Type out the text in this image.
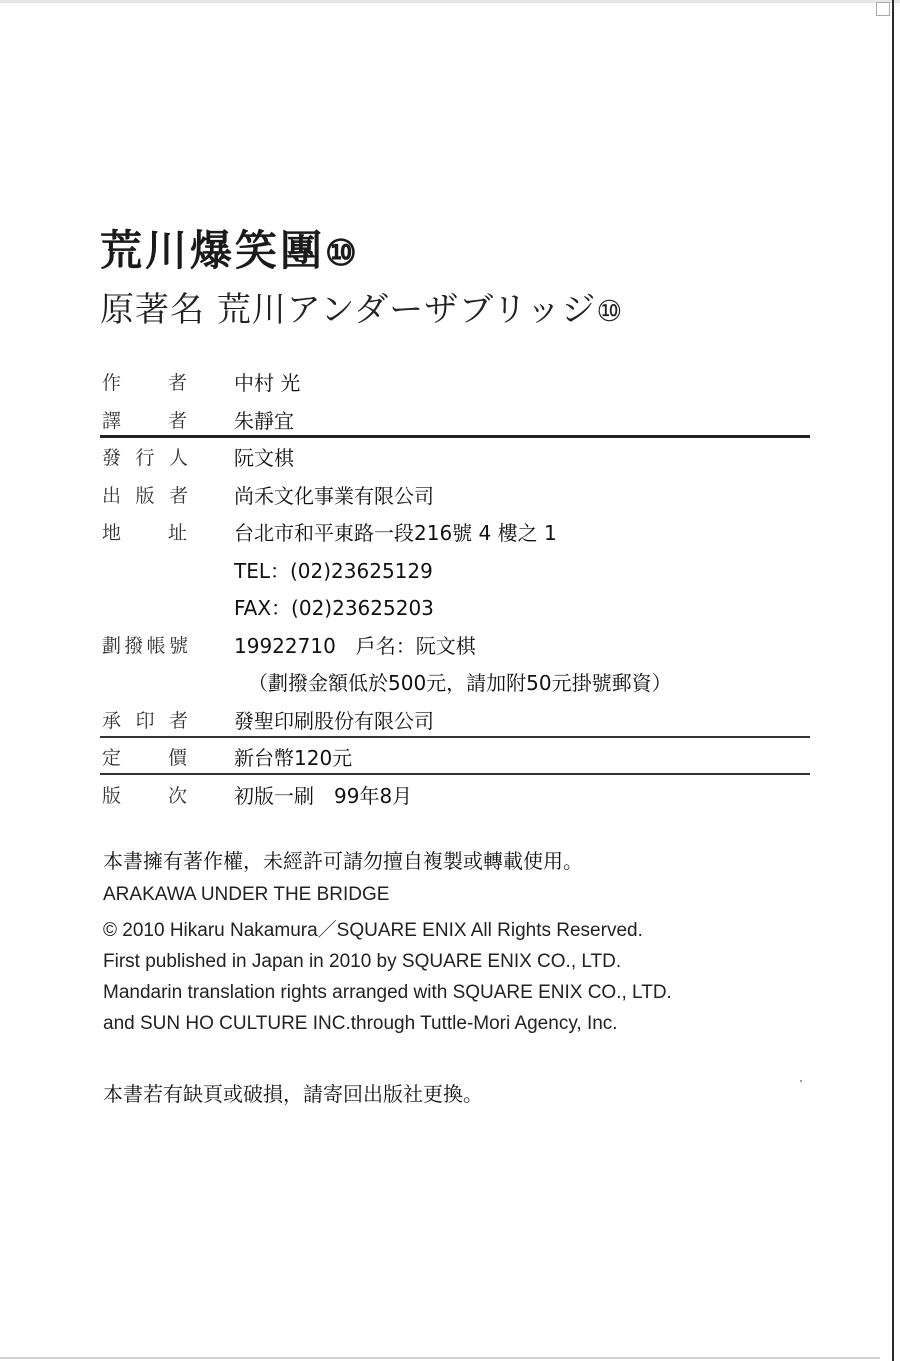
荒川爆笑團⑩
原著名 荒川アンダーザブリッジ⑩
作 者 中村 光
譯 者 朱靜宜
發 行 人 阮文棋
出 版 者 尚禾文化事業有限公司
地 址 台北市和平東路一段216號 4 樓之 1
TEL：(02)23625129
FAX：(02)23625203
劃 撥 帳 號 19922710　戶名：阮文棋
（劃撥金額低於500元，請加附50元掛號郵資）
承 印 者 發聖印刷股份有限公司
定 價 新台幣120元
版 次 初版一刷　99年8月
本書擁有著作權，未經許可請勿擅自複製或轉載使用。
ARAKAWA UNDER THE BRIDGE
© 2010 Hikaru Nakamura／SQUARE ENIX All Rights Reserved.
First published in Japan in 2010 by SQUARE ENIX CO., LTD.
Mandarin translation rights arranged with SQUARE ENIX CO., LTD.
and SUN HO CULTURE INC.through Tuttle-Mori Agency, Inc.
本書若有缺頁或破損，請寄回出版社更換。
